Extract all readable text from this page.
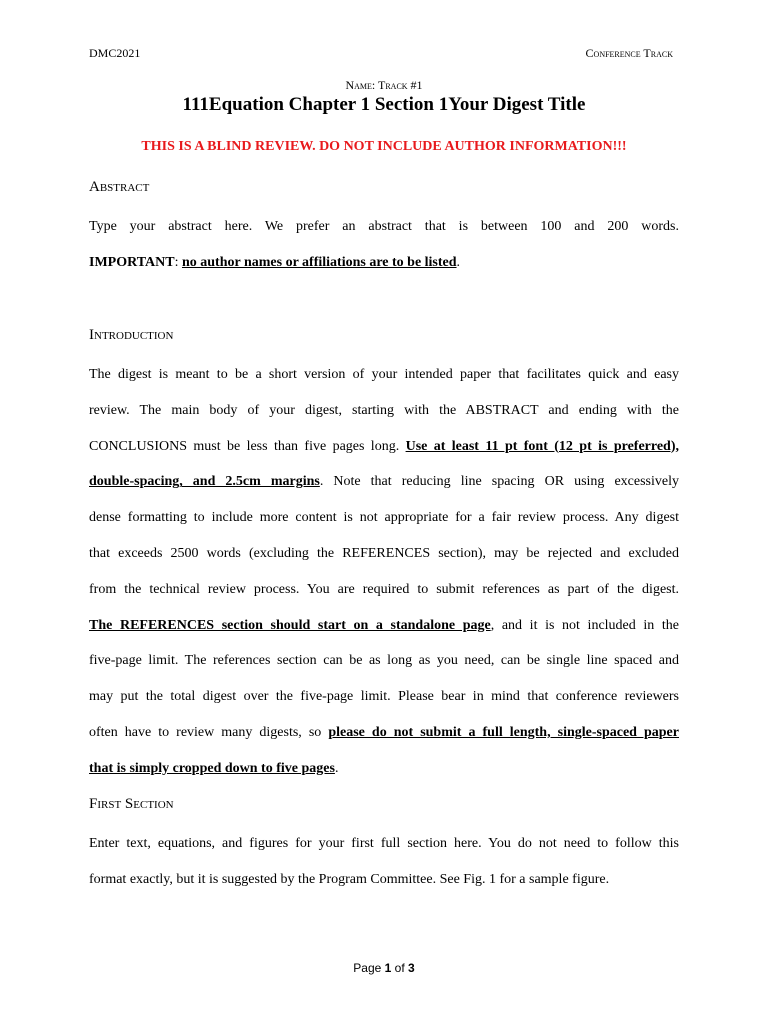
DMC2021	Conference Track
Name: Track #1
111Equation Chapter 1 Section 1Your Digest Title
THIS IS A BLIND REVIEW. DO NOT INCLUDE AUTHOR INFORMATION!!!
Abstract
Type your abstract here. We prefer an abstract that is between 100 and 200 words.
IMPORTANT: no author names or affiliations are to be listed.
Introduction
The digest is meant to be a short version of your intended paper that facilitates quick and easy
review. The main body of your digest, starting with the ABSTRACT and ending with the
CONCLUSIONS must be less than five pages long. Use at least 11 pt font (12 pt is preferred),
double-spacing, and 2.5cm margins. Note that reducing line spacing OR using excessively
dense formatting to include more content is not appropriate for a fair review process. Any digest
that exceeds 2500 words (excluding the REFERENCES section), may be rejected and excluded
from the technical review process. You are required to submit references as part of the digest.
The REFERENCES section should start on a standalone page, and it is not included in the
five-page limit. The references section can be as long as you need, can be single line spaced and
may put the total digest over the five-page limit. Please bear in mind that conference reviewers
often have to review many digests, so please do not submit a full length, single-spaced paper
that is simply cropped down to five pages.
First Section
Enter text, equations, and figures for your first full section here. You do not need to follow this
format exactly, but it is suggested by the Program Committee. See Fig. 1 for a sample figure.
Page 1 of 3
